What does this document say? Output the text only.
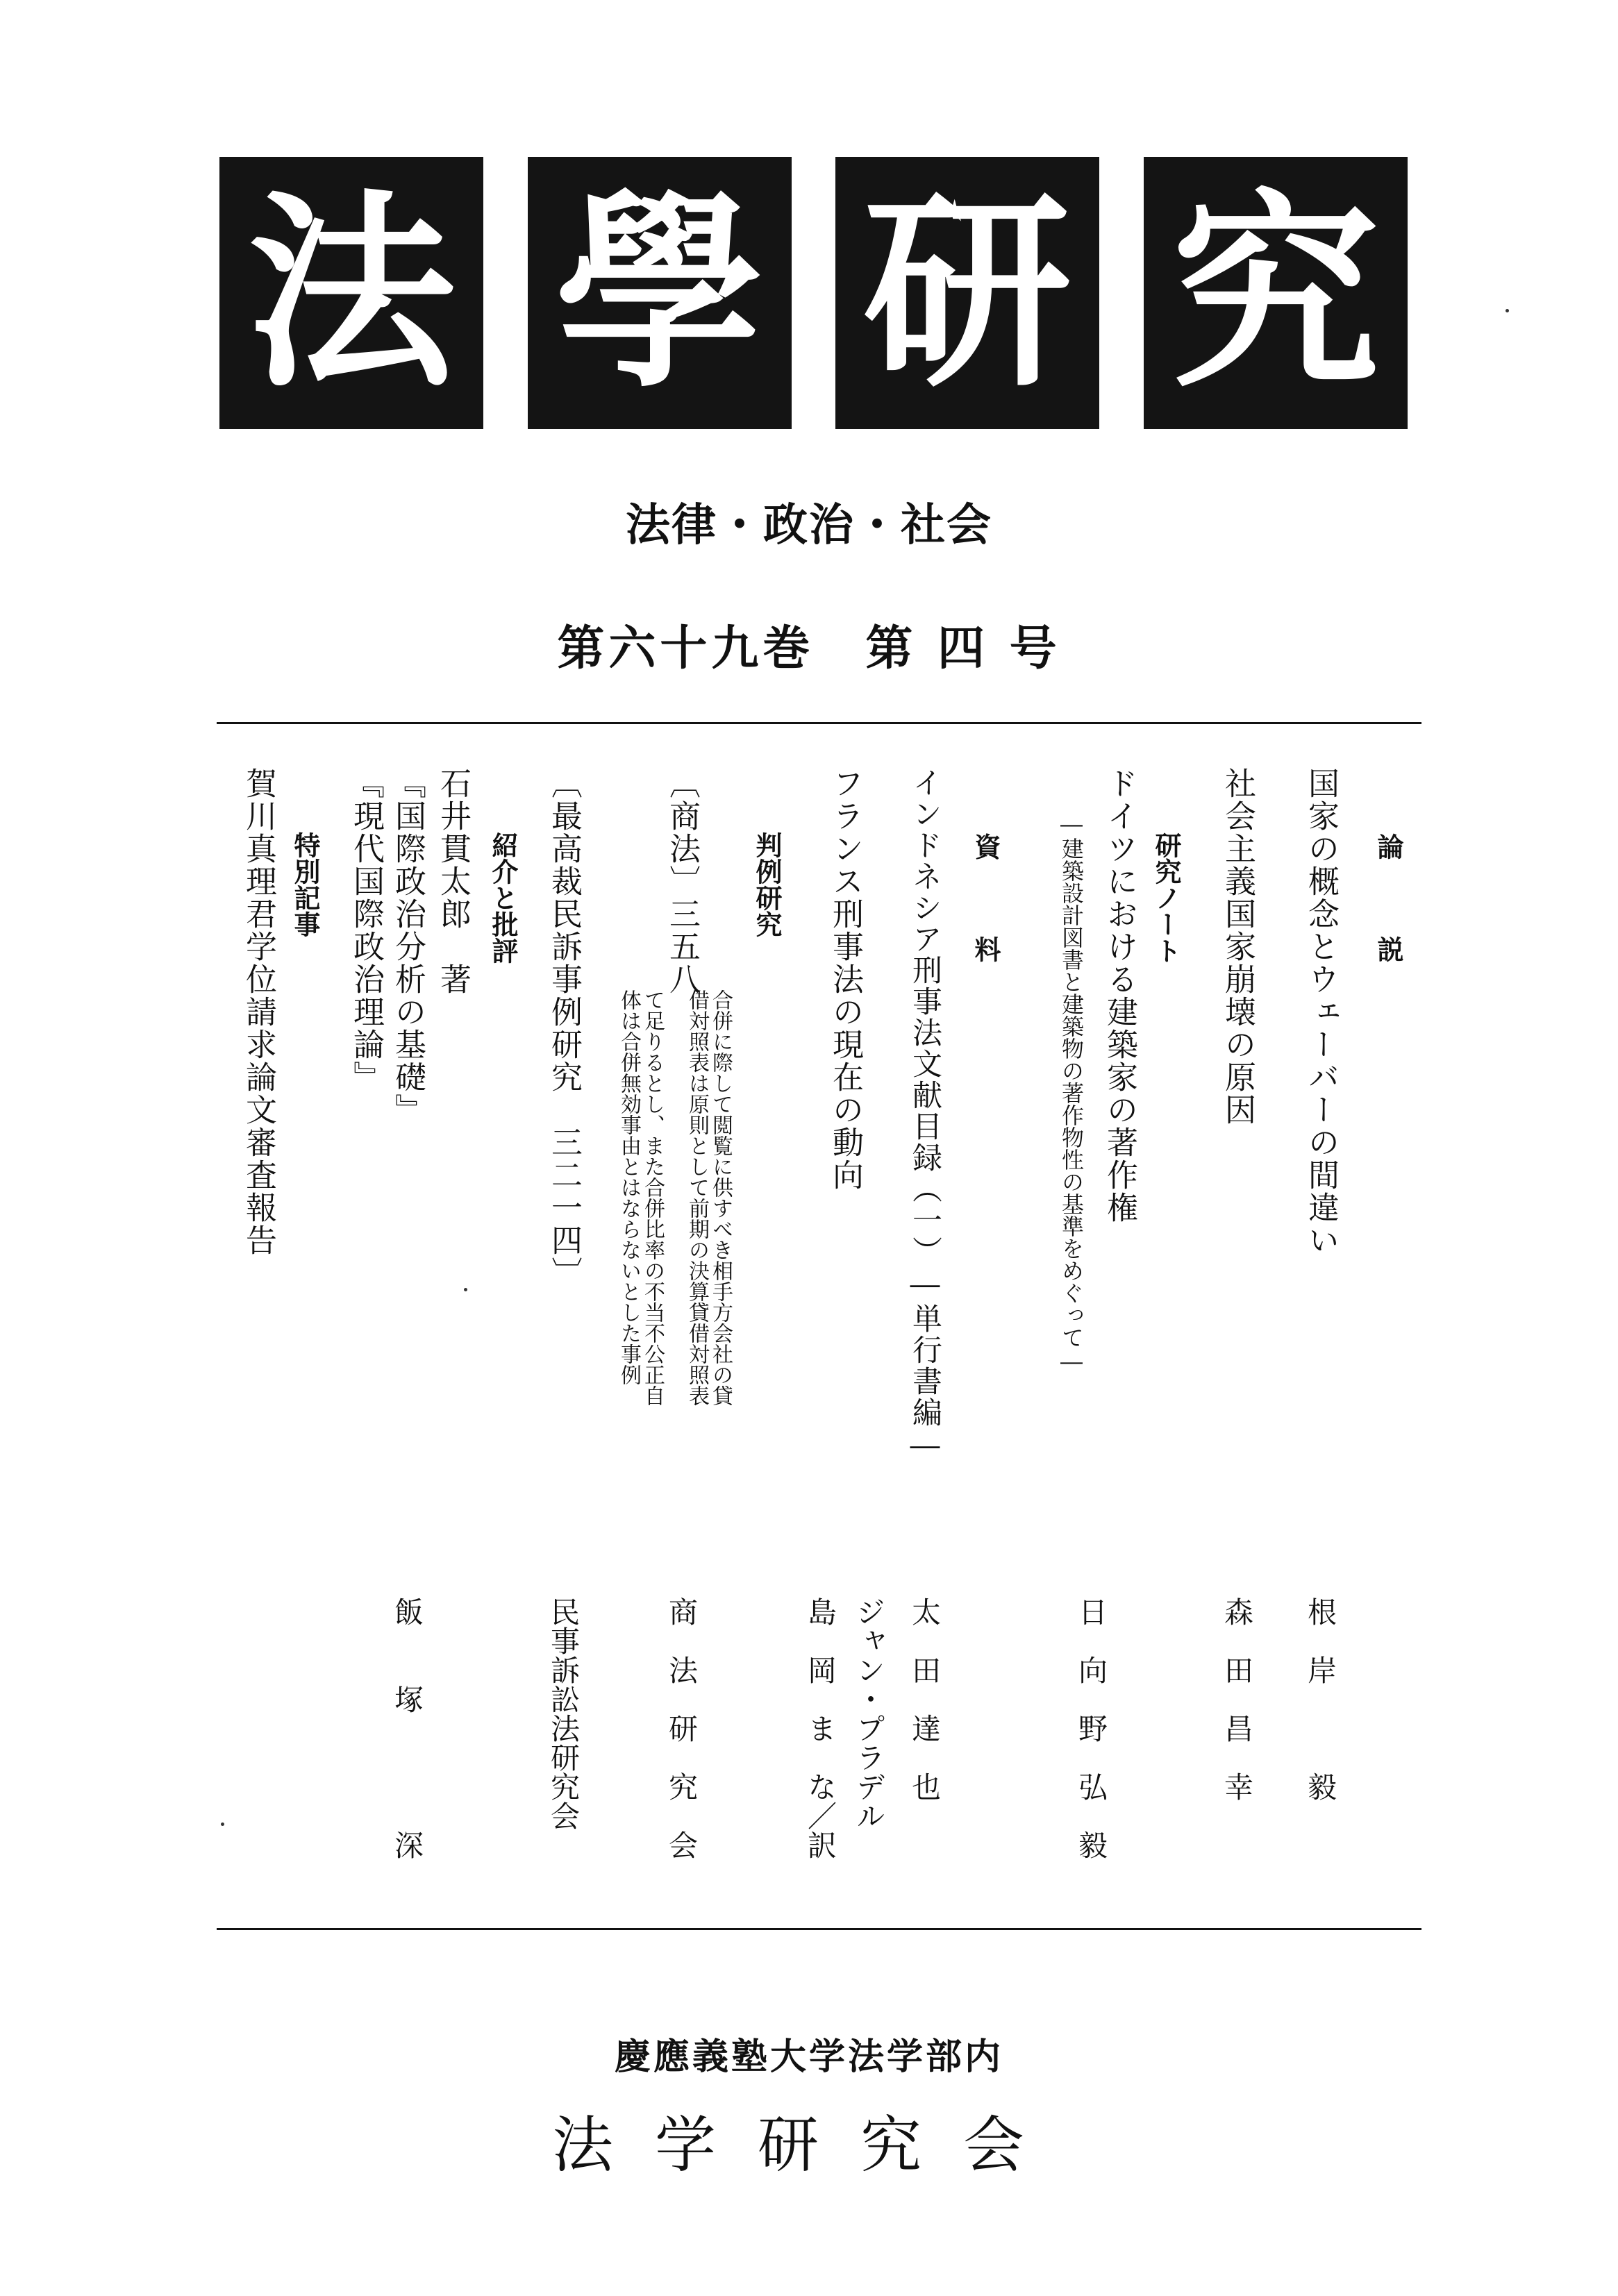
法 學 研 究
法律・政治・社会
第六十九巻　第 四 号
論　説
国家の概念とウェーバーの間違い
根　岸　　　毅
社会主義国家崩壊の原因
森　田　昌　幸
研究ノート
ドイツにおける建築家の著作権
日　向　野　弘　毅
―建築設計図書と建築物の著作物性の基準をめぐって―
資　料
インドネシア刑事法文献目録（一）―単行書編―
太　田　達　也
フランス刑事法の現在の動向
ジャン・プラデル
島　岡　ま　な／訳
判例研究
〔商法〕三五八
商　法　研　究　会
合併に際して閲覧に供すべき相手方会社の貸
借対照表は原則として前期の決算貸借対照表
て足りるとし、また合併比率の不当不公正自
体は合併無効事由とはならないとした事例
〔最高裁民訴事例研究　三二一四〕
民事訴訟法研究会
紹介と批評
石井貫太郎　著
『国際政治分析の基礎』
飯　　塚　　　　深
『現代国際政治理論』
特別記事
賀川真理君学位請求論文審査報告
慶應義塾大学法学部内
法学研究会
